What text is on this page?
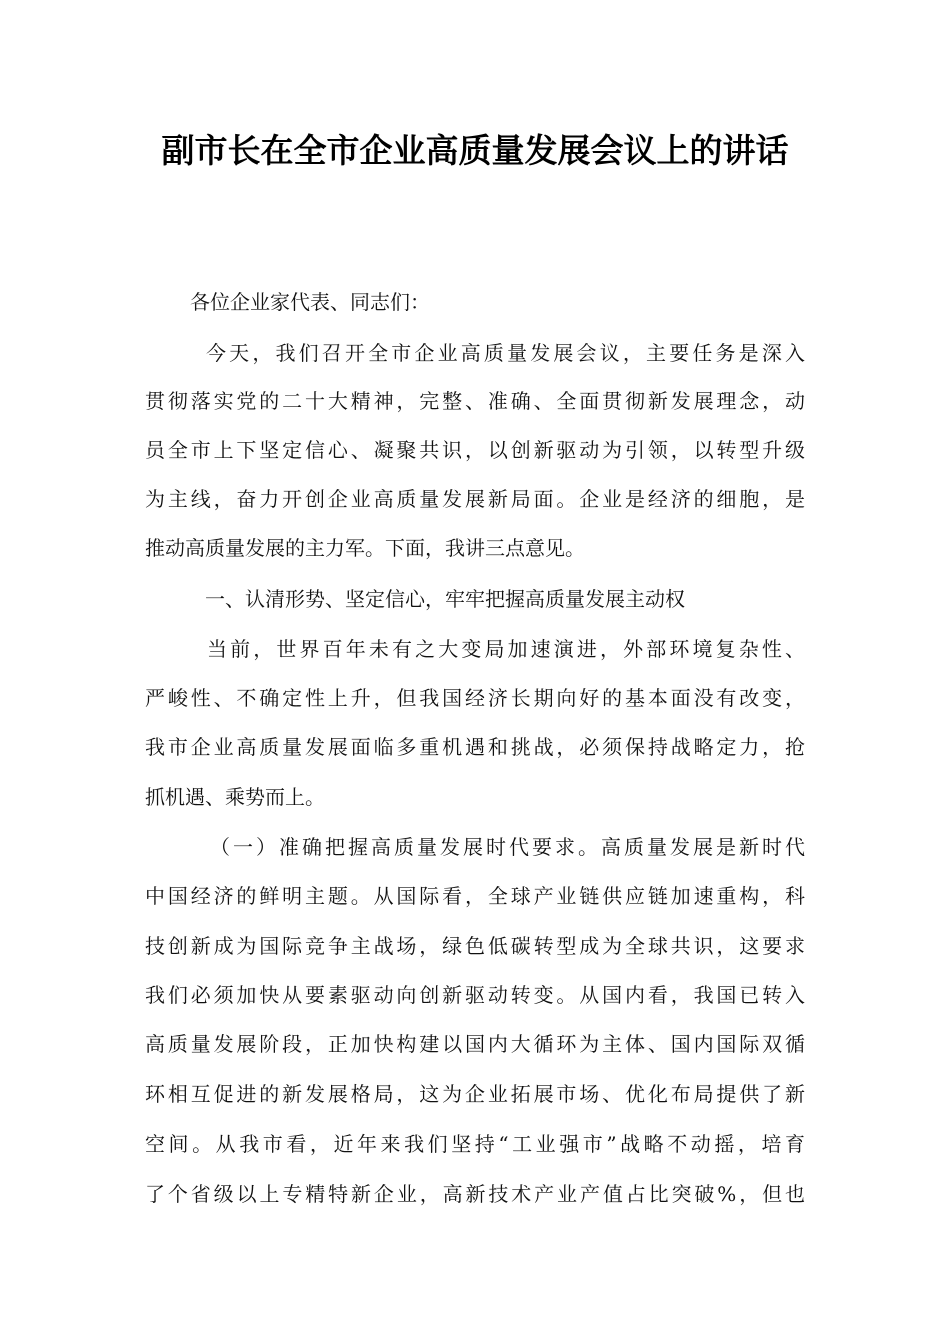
副市长在全市企业高质量发展会议上的讲话

各位企业家代表、同志们：

今天，我们召开全市企业高质量发展会议，主要任务是深入

贯彻落实党的二十大精神，完整、准确、全面贯彻新发展理念，动

员全市上下坚定信心、凝聚共识，以创新驱动为引领，以转型升级

为主线，奋力开创企业高质量发展新局面。企业是经济的细胞，是

推动高质量发展的主力军。下面，我讲三点意见。

一、认清形势、坚定信心，牢牢把握高质量发展主动权

当前，世界百年未有之大变局加速演进，外部环境复杂性、

严峻性、不确定性上升，但我国经济长期向好的基本面没有改变，

我市企业高质量发展面临多重机遇和挑战，必须保持战略定力，抢

抓机遇、乘势而上。

（一）准确把握高质量发展时代要求。高质量发展是新时代

中国经济的鲜明主题。从国际看，全球产业链供应链加速重构，科

技创新成为国际竞争主战场，绿色低碳转型成为全球共识，这要求

我们必须加快从要素驱动向创新驱动转变。从国内看，我国已转入

高质量发展阶段，正加快构建以国内大循环为主体、国内国际双循

环相互促进的新发展格局，这为企业拓展市场、优化布局提供了新

空间。从我市看，近年来我们坚持“工业强市”战略不动摇，培育

了个省级以上专精特新企业，高新技术产业产值占比突破%，但也
